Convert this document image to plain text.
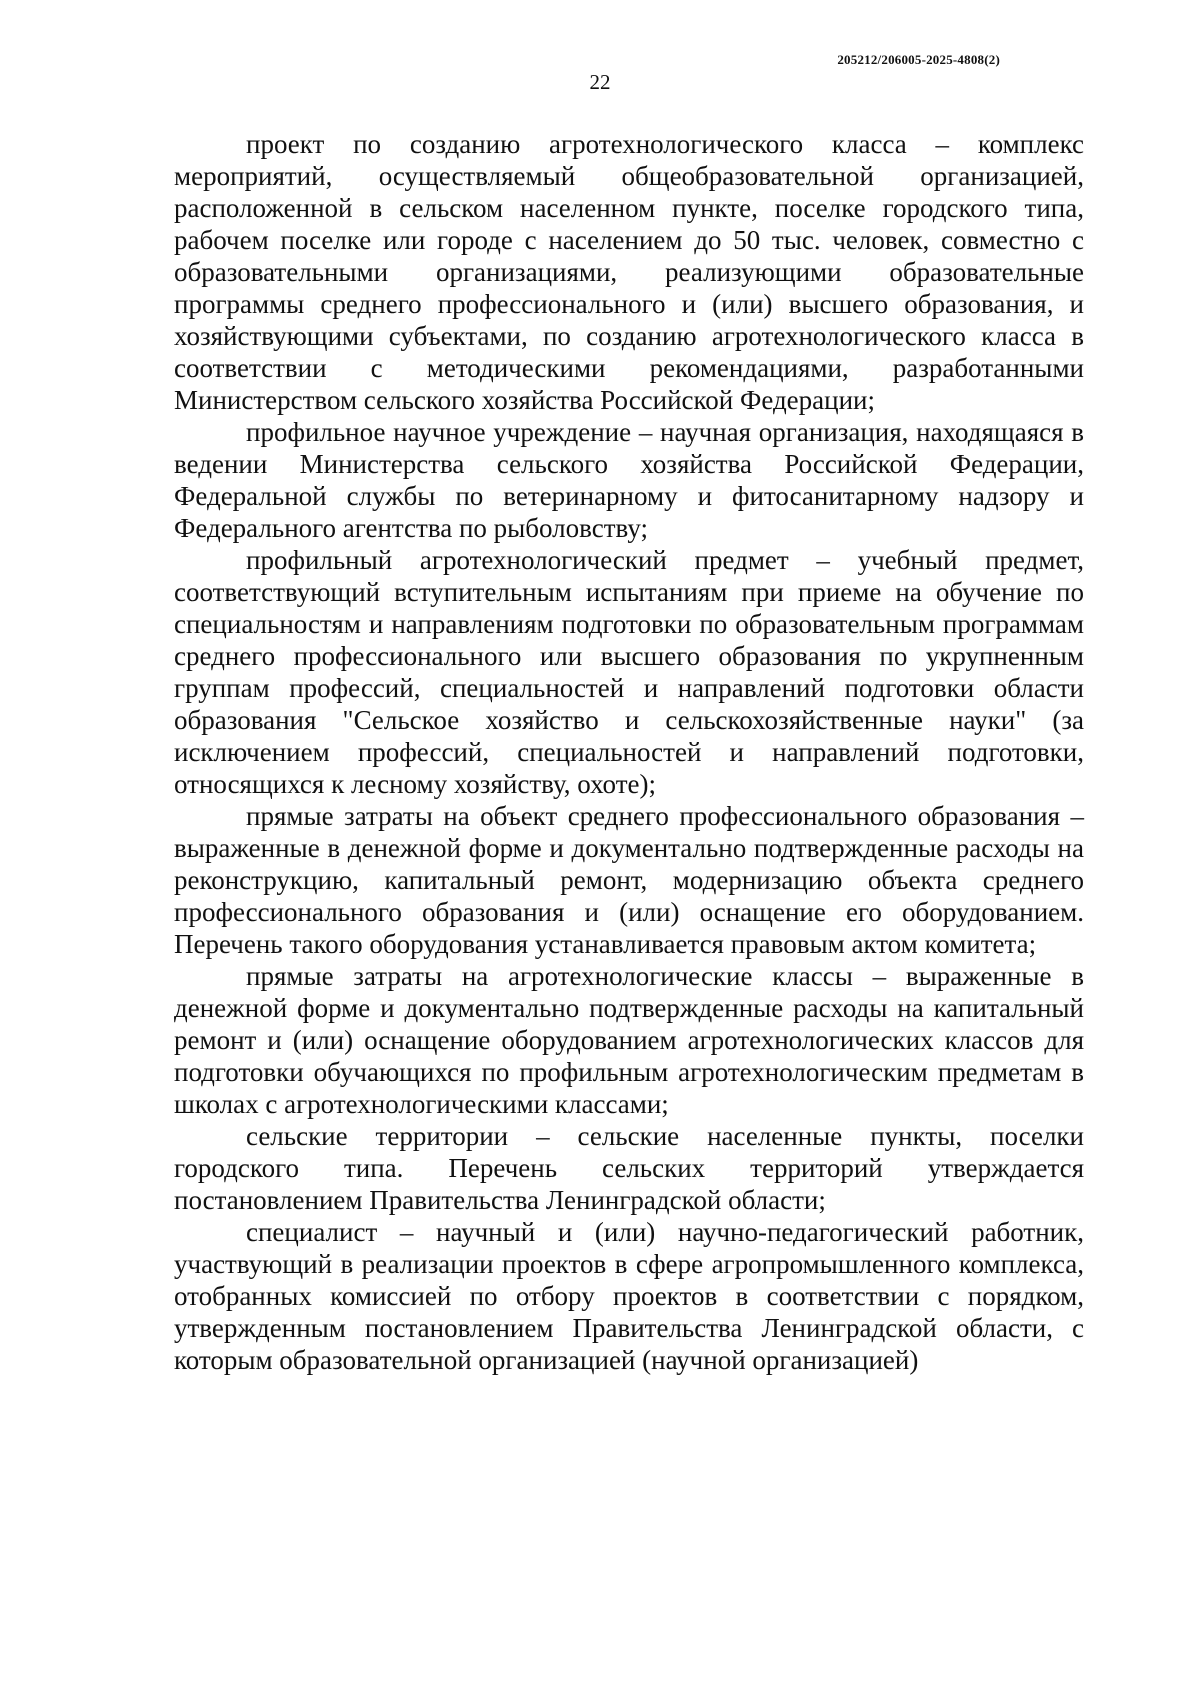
205212/206005-2025-4808(2)
22

проект по созданию агротехнологического класса – комплекс мероприятий, осуществляемый общеобразовательной организацией, расположенной в сельском населенном пункте, поселке городского типа, рабочем поселке или городе с населением до 50 тыс. человек, совместно с образовательными организациями, реализующими образовательные программы среднего профессионального и (или) высшего образования, и хозяйствующими субъектами, по созданию агротехнологического класса в соответствии с методическими рекомендациями, разработанными Министерством сельского хозяйства Российской Федерации;

профильное научное учреждение – научная организация, находящаяся в ведении Министерства сельского хозяйства Российской Федерации, Федеральной службы по ветеринарному и фитосанитарному надзору и Федерального агентства по рыболовству;

профильный агротехнологический предмет – учебный предмет, соответствующий вступительным испытаниям при приеме на обучение по специальностям и направлениям подготовки по образовательным программам среднего профессионального или высшего образования по укрупненным группам профессий, специальностей и направлений подготовки области образования "Сельское хозяйство и сельскохозяйственные науки" (за исключением профессий, специальностей и направлений подготовки, относящихся к лесному хозяйству, охоте);

прямые затраты на объект среднего профессионального образования – выраженные в денежной форме и документально подтвержденные расходы на реконструкцию, капитальный ремонт, модернизацию объекта среднего профессионального образования и (или) оснащение его оборудованием. Перечень такого оборудования устанавливается правовым актом комитета;

прямые затраты на агротехнологические классы – выраженные в денежной форме и документально подтвержденные расходы на капитальный ремонт и (или) оснащение оборудованием агротехнологических классов для подготовки обучающихся по профильным агротехнологическим предметам в школах с агротехнологическими классами;

сельские территории – сельские населенные пункты, поселки городского типа. Перечень сельских территорий утверждается постановлением Правительства Ленинградской области;

специалист – научный и (или) научно-педагогический работник, участвующий в реализации проектов в сфере агропромышленного комплекса, отобранных комиссией по отбору проектов в соответствии с порядком, утвержденным постановлением Правительства Ленинградской области, с которым образовательной организацией (научной организацией)
